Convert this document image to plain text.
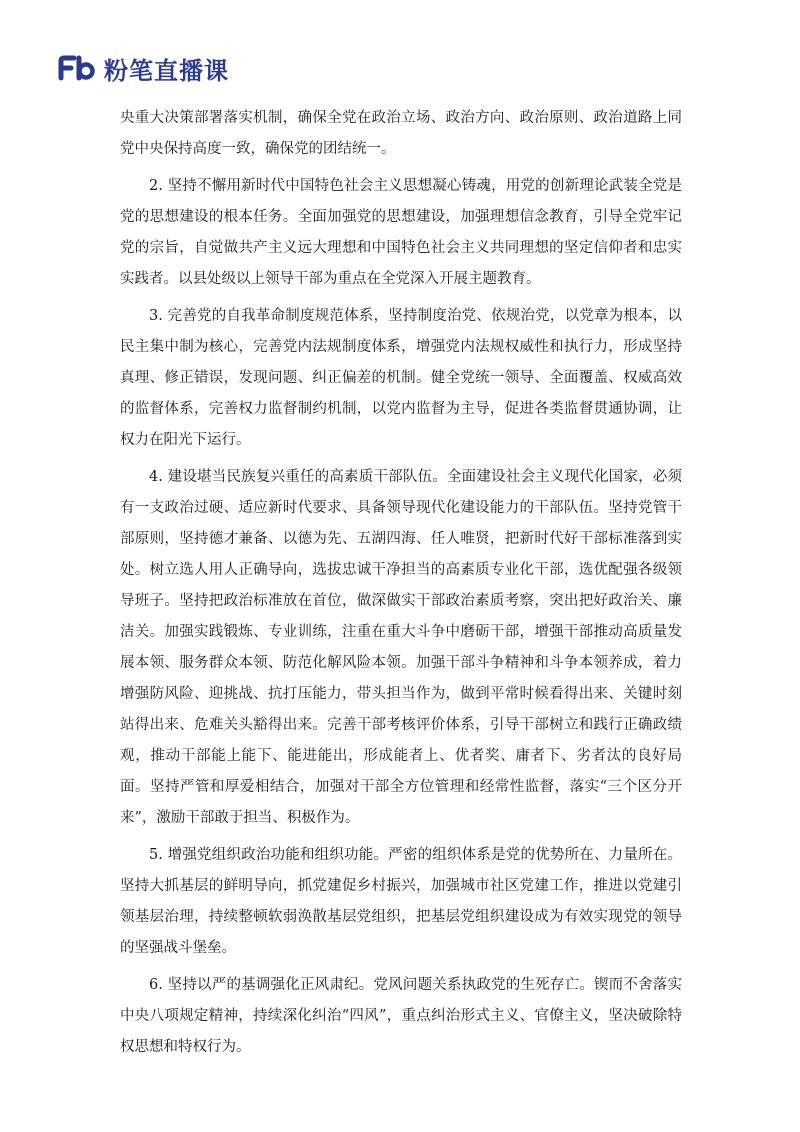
粉笔直播课

央重大决策部署落实机制，确保全党在政治立场、政治方向、政治原则、政治道路上同党中央保持高度一致，确保党的团结统一。

2. 坚持不懈用新时代中国特色社会主义思想凝心铸魂，用党的创新理论武装全党是党的思想建设的根本任务。全面加强党的思想建设，加强理想信念教育，引导全党牢记党的宗旨，自觉做共产主义远大理想和中国特色社会主义共同理想的坚定信仰者和忠实实践者。以县处级以上领导干部为重点在全党深入开展主题教育。

3. 完善党的自我革命制度规范体系，坚持制度治党、依规治党，以党章为根本，以民主集中制为核心，完善党内法规制度体系，增强党内法规权威性和执行力，形成坚持真理、修正错误，发现问题、纠正偏差的机制。健全党统一领导、全面覆盖、权威高效的监督体系，完善权力监督制约机制，以党内监督为主导，促进各类监督贯通协调，让权力在阳光下运行。

4. 建设堪当民族复兴重任的高素质干部队伍。全面建设社会主义现代化国家，必须有一支政治过硬、适应新时代要求、具备领导现代化建设能力的干部队伍。坚持党管干部原则，坚持德才兼备、以德为先、五湖四海、任人唯贤，把新时代好干部标准落到实处。树立选人用人正确导向，选拔忠诚干净担当的高素质专业化干部，选优配强各级领导班子。坚持把政治标准放在首位，做深做实干部政治素质考察，突出把好政治关、廉洁关。加强实践锻炼、专业训练，注重在重大斗争中磨砺干部，增强干部推动高质量发展本领、服务群众本领、防范化解风险本领。加强干部斗争精神和斗争本领养成，着力增强防风险、迎挑战、抗打压能力，带头担当作为，做到平常时候看得出来、关键时刻站得出来、危难关头豁得出来。完善干部考核评价体系，引导干部树立和践行正确政绩观，推动干部能上能下、能进能出，形成能者上、优者奖、庸者下、劣者汰的良好局面。坚持严管和厚爱相结合，加强对干部全方位管理和经常性监督，落实“三个区分开来”，激励干部敢于担当、积极作为。

5. 增强党组织政治功能和组织功能。严密的组织体系是党的优势所在、力量所在。坚持大抓基层的鲜明导向，抓党建促乡村振兴，加强城市社区党建工作，推进以党建引领基层治理，持续整顿软弱涣散基层党组织，把基层党组织建设成为有效实现党的领导的坚强战斗堡垒。

6. 坚持以严的基调强化正风肃纪。党风问题关系执政党的生死存亡。锲而不舍落实中央八项规定精神，持续深化纠治“四风”，重点纠治形式主义、官僚主义，坚决破除特权思想和特权行为。
